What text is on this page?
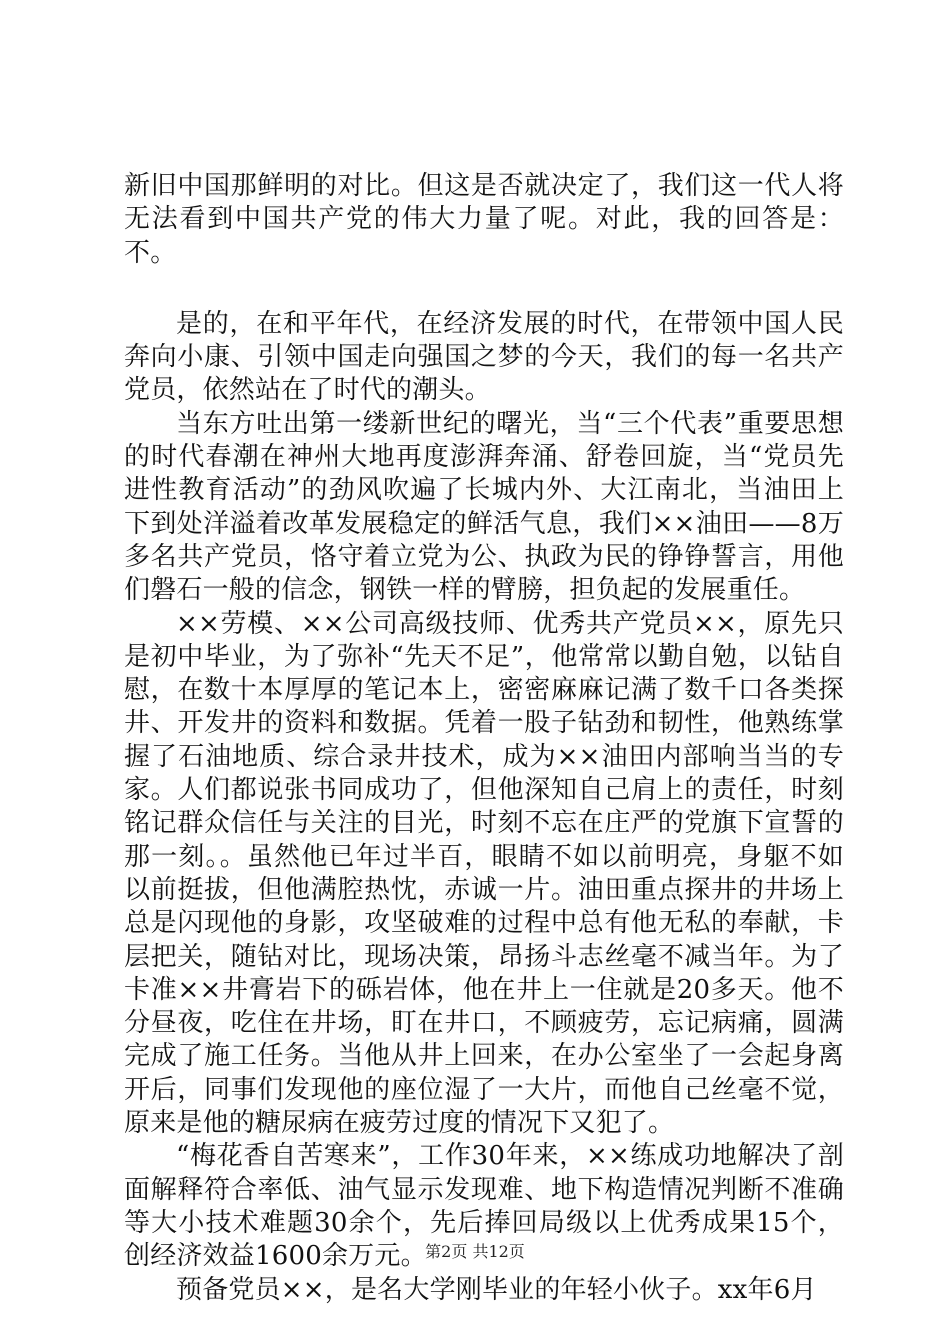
新旧中国那鲜明的对比。但这是否就决定了，我们这一代人将无法看到中国共产党的伟大力量了呢。对此，我的回答是：不。

是的，在和平年代，在经济发展的时代，在带领中国人民奔向小康、引领中国走向强国之梦的今天，我们的每一名共产党员，依然站在了时代的潮头。

当东方吐出第一缕新世纪的曙光，当“三个代表”重要思想的时代春潮在神州大地再度澎湃奔涌、舒卷回旋，当“党员先进性教育活动”的劲风吹遍了长城内外、大江南北，当油田上下到处洋溢着改革发展稳定的鲜活气息，我们××油田——8万多名共产党员，恪守着立党为公、执政为民的铮铮誓言，用他们磐石一般的信念，钢铁一样的臂膀，担负起的发展重任。

××劳模、××公司高级技师、优秀共产党员××，原先只是初中毕业，为了弥补“先天不足”，他常常以勤自勉，以钻自慰，在数十本厚厚的笔记本上，密密麻麻记满了数千口各类探井、开发井的资料和数据。凭着一股子钻劲和韧性，他熟练掌握了石油地质、综合录井技术，成为××油田内部响当当的专家。人们都说张书同成功了，但他深知自己肩上的责任，时刻铭记群众信任与关注的目光，时刻不忘在庄严的党旗下宣誓的那一刻。。虽然他已年过半百，眼睛不如以前明亮，身躯不如以前挺拔，但他满腔热忱，赤诚一片。油田重点探井的井场上总是闪现他的身影，攻坚破难的过程中总有他无私的奉献，卡层把关，随钻对比，现场决策，昂扬斗志丝毫不减当年。为了卡准××井膏岩下的砾岩体，他在井上一住就是20多天。他不分昼夜，吃住在井场，盯在井口，不顾疲劳，忘记病痛，圆满完成了施工任务。当他从井上回来，在办公室坐了一会起身离开后，同事们发现他的座位湿了一大片，而他自己丝毫不觉，原来是他的糖尿病在疲劳过度的情况下又犯了。

“梅花香自苦寒来”，工作30年来，××练成功地解决了剖面解释符合率低、油气显示发现难、地下构造情况判断不准确等大小技术难题30余个，先后捧回局级以上优秀成果15个，创经济效益1600余万元。

预备党员××，是名大学刚毕业的年轻小伙子。xx年6月

第2页 共12页
